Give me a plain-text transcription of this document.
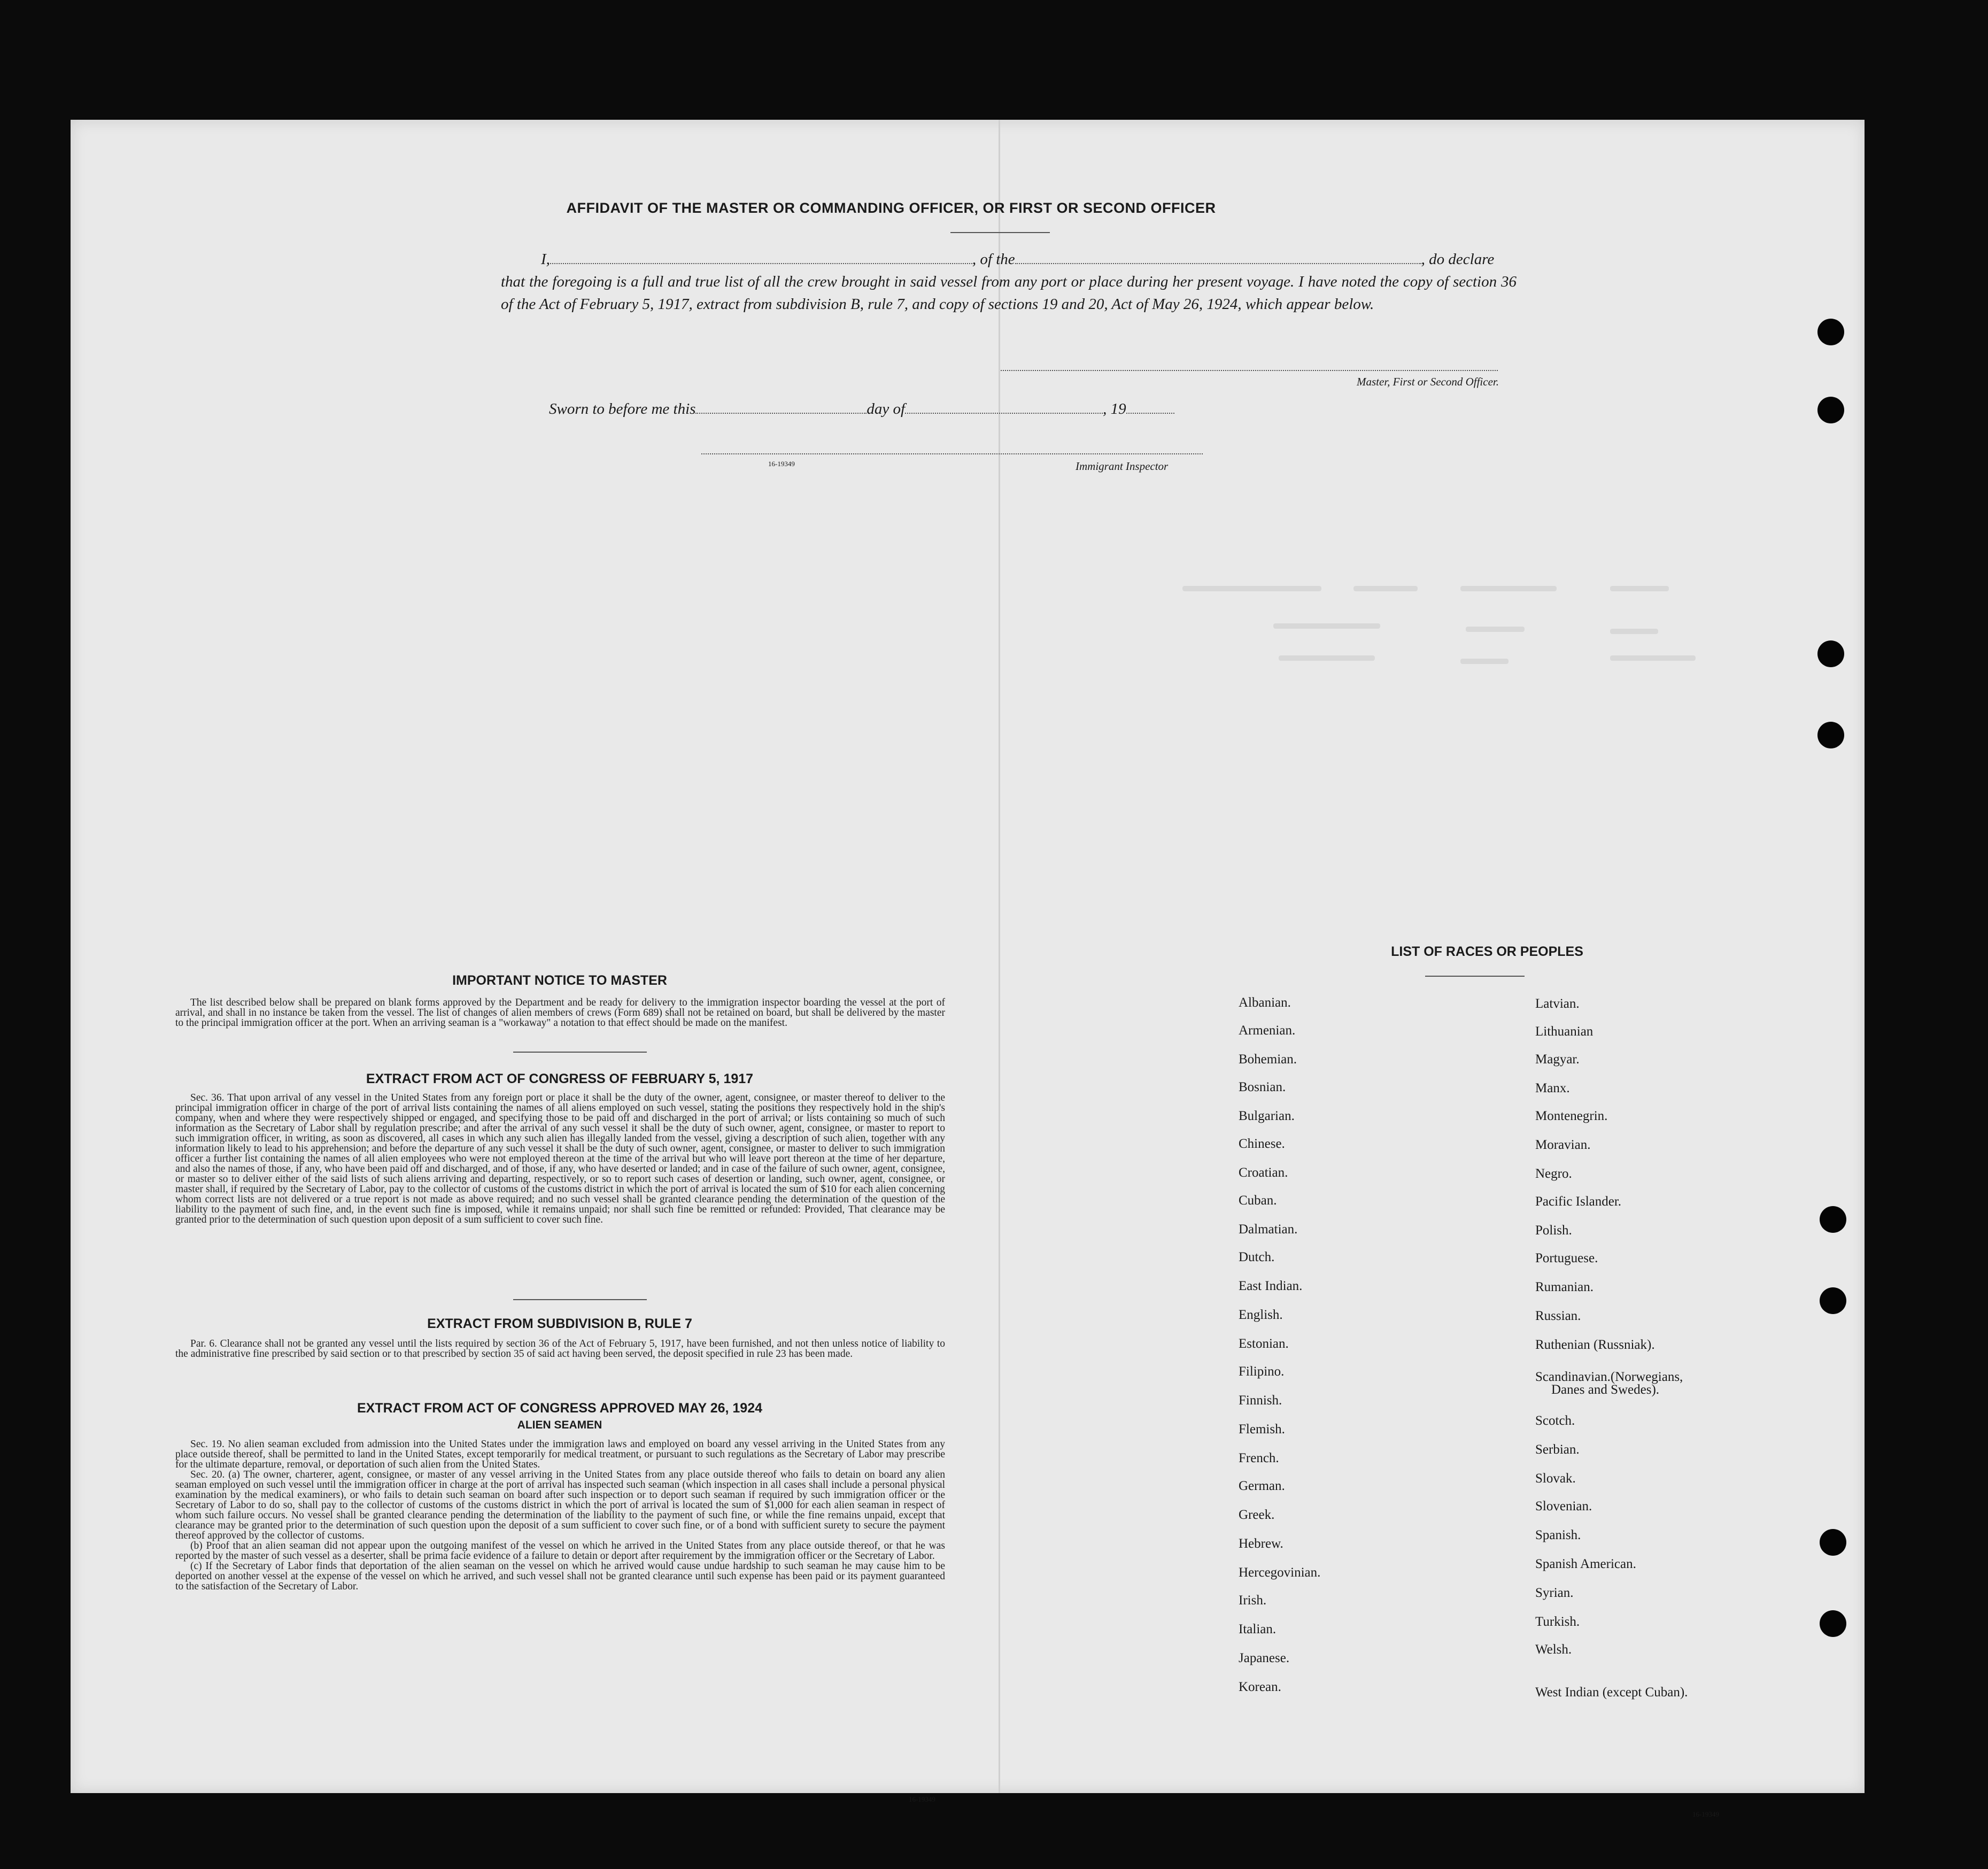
AFFIDAVIT OF THE MASTER OR COMMANDING OFFICER, OR FIRST OR SECOND OFFICER
I,	, of the	, do declare
that the foregoing is a full and true list of all the crew brought in said vessel from any port or place during her present voyage. I have noted the copy of section 36 of the Act of February 5, 1917, extract from subdivision B, rule 7, and copy of sections 19 and 20, Act of May 26, 1924, which appear below.
Master, First or Second Officer.
Sworn to before me this	day of	, 19
16-19349	Immigrant Inspector
IMPORTANT NOTICE TO MASTER

The list described below shall be prepared on blank forms approved by the Department and be ready for delivery to the immigration inspector boarding the vessel at the port of arrival, and shall in no instance be taken from the vessel. The list of changes of alien members of crews (Form 689) shall not be retained on board, but shall be delivered by the master to the principal immigration officer at the port. When an arriving seaman is a "workaway" a notation to that effect should be made on the manifest.

EXTRACT FROM ACT OF CONGRESS OF FEBRUARY 5, 1917

Sec. 36. That upon arrival of any vessel in the United States from any foreign port or place it shall be the duty of the owner, agent, consignee, or master thereof to deliver to the principal immigration officer in charge of the port of arrival lists containing the names of all aliens employed on such vessel, stating the positions they respectively hold in the ship's company, when and where they were respectively shipped or engaged, and specifying those to be paid off and discharged in the port of arrival; or lists containing so much of such information as the Secretary of Labor shall by regulation prescribe; and after the arrival of any such vessel it shall be the duty of such owner, agent, consignee, or master to report to such immigration officer, in writing, as soon as discovered, all cases in which any such alien has illegally landed from the vessel, giving a description of such alien, together with any information likely to lead to his apprehension; and before the departure of any such vessel it shall be the duty of such owner, agent, consignee, or master to deliver to such immigration officer a further list containing the names of all alien employees who were not employed thereon at the time of the arrival but who will leave port thereon at the time of her departure, and also the names of those, if any, who have been paid off and discharged, and of those, if any, who have deserted or landed; and in case of the failure of such owner, agent, consignee, or master so to deliver either of the said lists of such aliens arriving and departing, respectively, or so to report such cases of desertion or landing, such owner, agent, consignee, or master shall, if required by the Secretary of Labor, pay to the collector of customs of the customs district in which the port of arrival is located the sum of $10 for each alien concerning whom correct lists are not delivered or a true report is not made as above required; and no such vessel shall be granted clearance pending the determination of the question of the liability to the payment of such fine, and, in the event such fine is imposed, while it remains unpaid; nor shall such fine be remitted or refunded: Provided, That clearance may be granted prior to the determination of such question upon deposit of a sum sufficient to cover such fine.

EXTRACT FROM SUBDIVISION B, RULE 7

Par. 6. Clearance shall not be granted any vessel until the lists required by section 36 of the Act of February 5, 1917, have been furnished, and not then unless notice of liability to the administrative fine prescribed by said section or to that prescribed by section 35 of said act having been served, the deposit specified in rule 23 has been made.

EXTRACT FROM ACT OF CONGRESS APPROVED MAY 26, 1924
ALIEN SEAMEN

Sec. 19. No alien seaman excluded from admission into the United States under the immigration laws and employed on board any vessel arriving in the United States from any place outside thereof, shall be permitted to land in the United States, except temporarily for medical treatment, or pursuant to such regulations as the Secretary of Labor may prescribe for the ultimate departure, removal, or deportation of such alien from the United States.

Sec. 20. (a) The owner, charterer, agent, consignee, or master of any vessel arriving in the United States from any place outside thereof who fails to detain on board any alien seaman employed on such vessel until the immigration officer in charge at the port of arrival has inspected such seaman (which inspection in all cases shall include a personal physical examination by the medical examiners), or who fails to detain such seaman on board after such inspection or to deport such seaman if required by such immigration officer or the Secretary of Labor to do so, shall pay to the collector of customs of the customs district in which the port of arrival is located the sum of $1,000 for each alien seaman in respect of whom such failure occurs. No vessel shall be granted clearance pending the determination of the liability to the payment of such fine, or while the fine remains unpaid, except that clearance may be granted prior to the determination of such question upon the deposit of a sum sufficient to cover such fine, or of a bond with sufficient surety to secure the payment thereof approved by the collector of customs.

(b) Proof that an alien seaman did not appear upon the outgoing manifest of the vessel on which he arrived in the United States from any place outside thereof, or that he was reported by the master of such vessel as a deserter, shall be prima facie evidence of a failure to detain or deport after requirement by the immigration officer or the Secretary of Labor.

(c) If the Secretary of Labor finds that deportation of the alien seaman on the vessel on which he arrived would cause undue hardship to such seaman he may cause him to be deported on another vessel at the expense of the vessel on which he arrived, and such vessel shall not be granted clearance until such expense has been paid or its payment guaranteed to the satisfaction of the Secretary of Labor.

16-19349
LIST OF RACES OR PEOPLES
16-19349
Albanian.
Armenian.
Bohemian.
Bosnian.
Bulgarian.
Chinese.
Croatian.
Cuban.
Dalmatian.
Dutch.
East Indian.
English.
Estonian.
Filipino.
Finnish.
Flemish.
French.
German.
Greek.
Hebrew.
Hercegovinian.
Irish.
Italian.
Japanese.
Korean.
Latvian.
Lithuanian
Magyar.
Manx.
Montenegrin.
Moravian.
Negro.
Pacific Islander.
Polish.
Portuguese.
Rumanian.
Russian.
Ruthenian (Russniak).
Scandinavian.(Norwegians,
Danes and Swedes).
Scotch.
Serbian.
Slovak.
Slovenian.
Spanish.
Spanish American.
Syrian.
Turkish.
Welsh.
West Indian (except Cuban).
